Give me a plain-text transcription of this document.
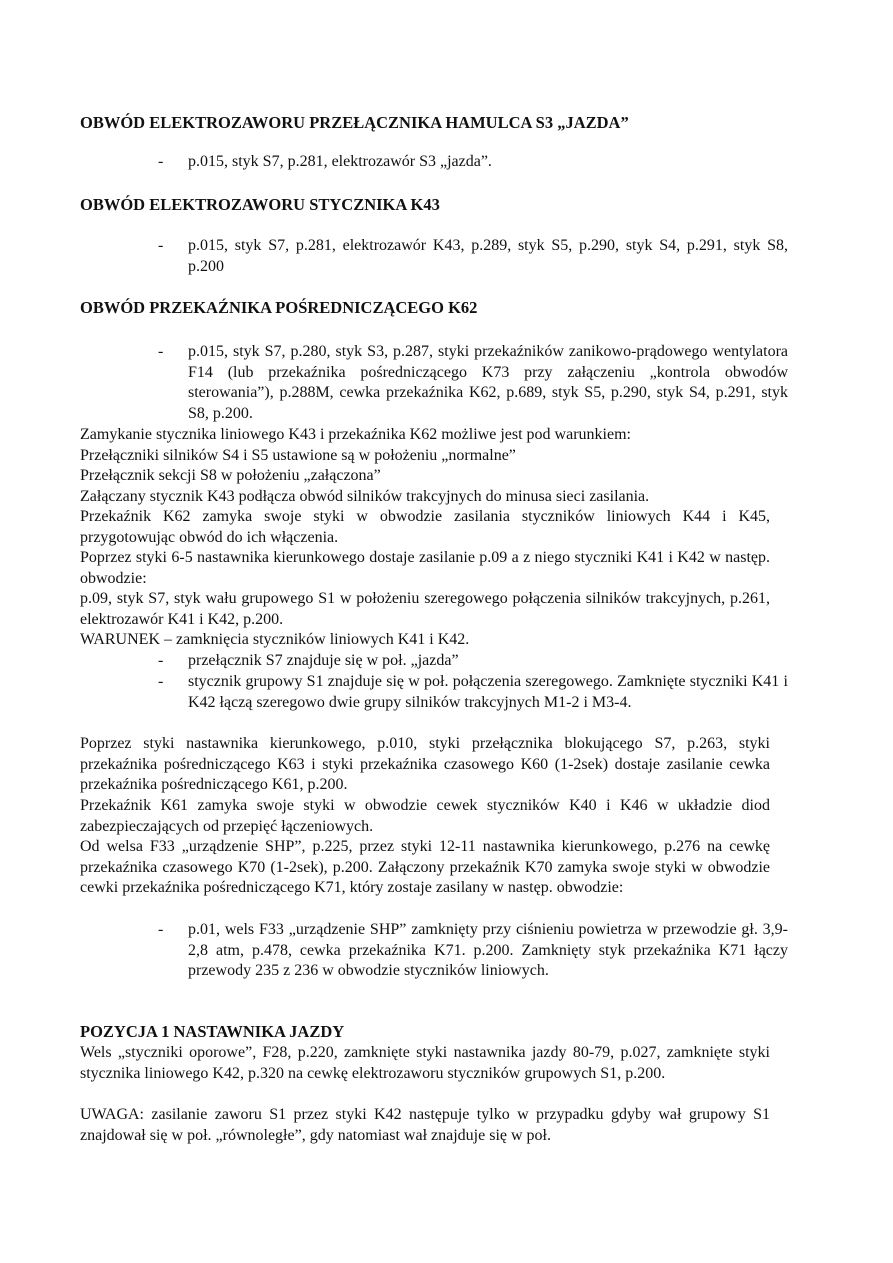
OBWÓD ELEKTROZAWORU PRZEŁĄCZNIKA HAMULCA S3 „JAZDA”
- p.015, styk S7, p.281, elektrozawór S3 „jazda”.
OBWÓD ELEKTROZAWORU STYCZNIKA K43
- p.015, styk S7, p.281, elektrozawór K43, p.289, styk S5, p.290, styk S4, p.291, styk S8, p.200
OBWÓD PRZEKAŹNIKA POŚREDNICZĄCEGO K62
- p.015, styk S7, p.280, styk S3, p.287, styki przekaźników zanikowo-prądowego wentylatora F14 (lub przekaźnika pośredniczącego K73 przy załączeniu „kontrola obwodów sterowania”), p.288M, cewka przekaźnika K62, p.689, styk S5, p.290, styk S4, p.291, styk S8, p.200.
Zamykanie stycznika liniowego K43 i przekaźnika K62 możliwe jest pod warunkiem:
Przełączniki silników S4 i S5 ustawione są w położeniu „normalne”
Przełącznik sekcji S8 w położeniu „załączona”

Załączany stycznik K43 podłącza obwód silników trakcyjnych do minusa sieci zasilania.

Przekaźnik K62 zamyka swoje styki w obwodzie zasilania styczników liniowych K44 i K45, przygotowując obwód do ich włączenia.

Poprzez styki 6-5 nastawnika kierunkowego dostaje zasilanie p.09 a z niego styczniki K41 i K42 w następ. obwodzie:

p.09, styk S7, styk wału grupowego S1 w położeniu szeregowego połączenia silników trakcyjnych, p.261, elektrozawór K41 i K42, p.200.

WARUNEK – zamknięcia styczników liniowych K41 i K42.

- przełącznik S7 znajduje się w poł. „jazda”
- stycznik grupowy S1 znajduje się w poł. połączenia szeregowego. Zamknięte styczniki K41 i K42 łączą szeregowo dwie grupy silników trakcyjnych M1-2 i M3-4.

Poprzez styki nastawnika kierunkowego, p.010, styki przełącznika blokującego S7, p.263, styki przekaźnika pośredniczącego K63 i styki przekaźnika czasowego K60 (1-2sek) dostaje zasilanie cewka przekaźnika pośredniczącego K61, p.200.

Przekaźnik K61 zamyka swoje styki w obwodzie cewek styczników K40 i K46 w układzie diod zabezpieczających od przepięć łączeniowych.

Od welsa F33 „urządzenie SHP”, p.225, przez styki 12-11 nastawnika kierunkowego, p.276 na cewkę przekaźnika czasowego K70 (1-2sek), p.200. Załączony przekaźnik K70 zamyka swoje styki w obwodzie cewki przekaźnika pośredniczącego K71, który zostaje zasilany w następ. obwodzie:

- p.01, wels F33 „urządzenie SHP” zamknięty przy ciśnieniu powietrza w przewodzie gł. 3,9-2,8 atm, p.478, cewka przekaźnika K71. p.200. Zamknięty styk przekaźnika K71 łączy przewody 235 z 236 w obwodzie styczników liniowych.
POZYCJA 1 NASTAWNIKA JAZDY

Wels „styczniki oporowe”, F28, p.220, zamknięte styki nastawnika jazdy 80-79, p.027, zamknięte styki stycznika liniowego K42, p.320 na cewkę elektrozaworu styczników grupowych S1, p.200.

UWAGA: zasilanie zaworu S1 przez styki K42 następuje tylko w przypadku gdyby wał grupowy S1 znajdował się w poł. „równoległe”, gdy natomiast wał znajduje się w poł.
